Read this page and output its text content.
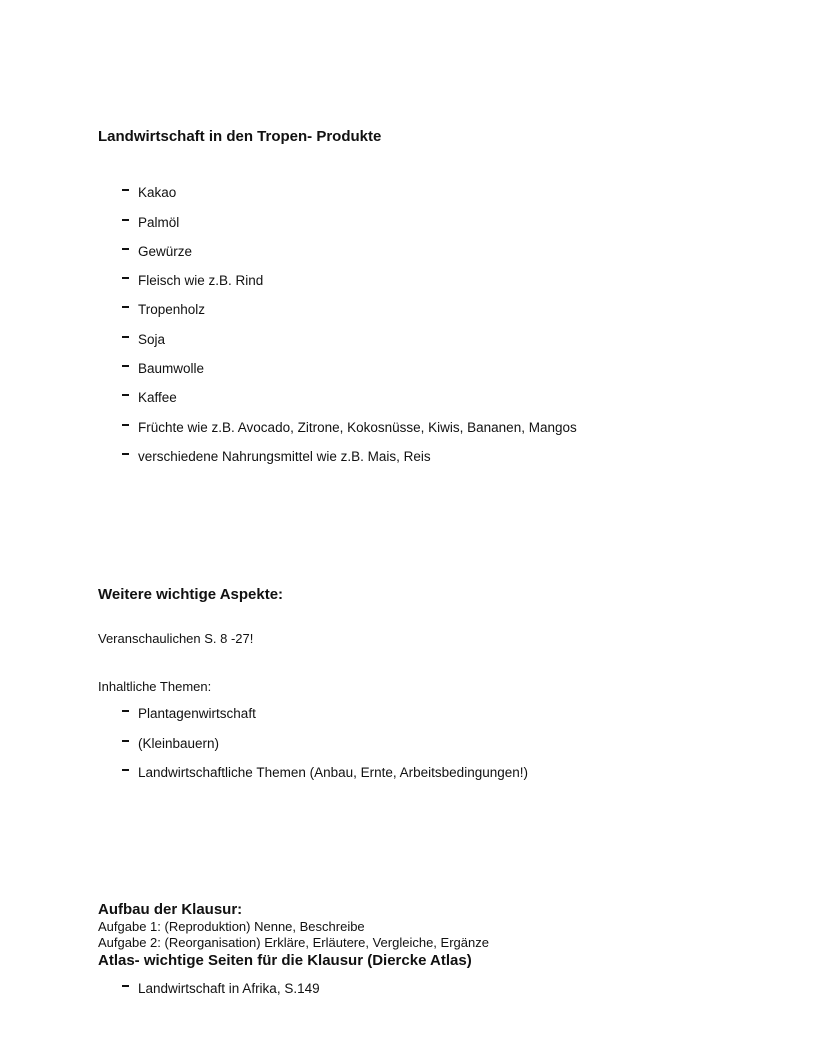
Landwirtschaft in den Tropen- Produkte
Kakao
Palmöl
Gewürze
Fleisch wie z.B. Rind
Tropenholz
Soja
Baumwolle
Kaffee
Früchte wie z.B. Avocado, Zitrone, Kokosnüsse, Kiwis, Bananen, Mangos
verschiedene Nahrungsmittel wie z.B. Mais, Reis
Weitere wichtige Aspekte:
Veranschaulichen S. 8 -27!
Inhaltliche Themen:
Plantagenwirtschaft
(Kleinbauern)
Landwirtschaftliche Themen (Anbau, Ernte, Arbeitsbedingungen!)
Aufbau der Klausur:
Aufgabe 1: (Reproduktion) Nenne, Beschreibe
Aufgabe 2: (Reorganisation) Erkläre, Erläutere, Vergleiche, Ergänze
Atlas- wichtige Seiten für die Klausur (Diercke Atlas)
Landwirtschaft in Afrika, S.149
